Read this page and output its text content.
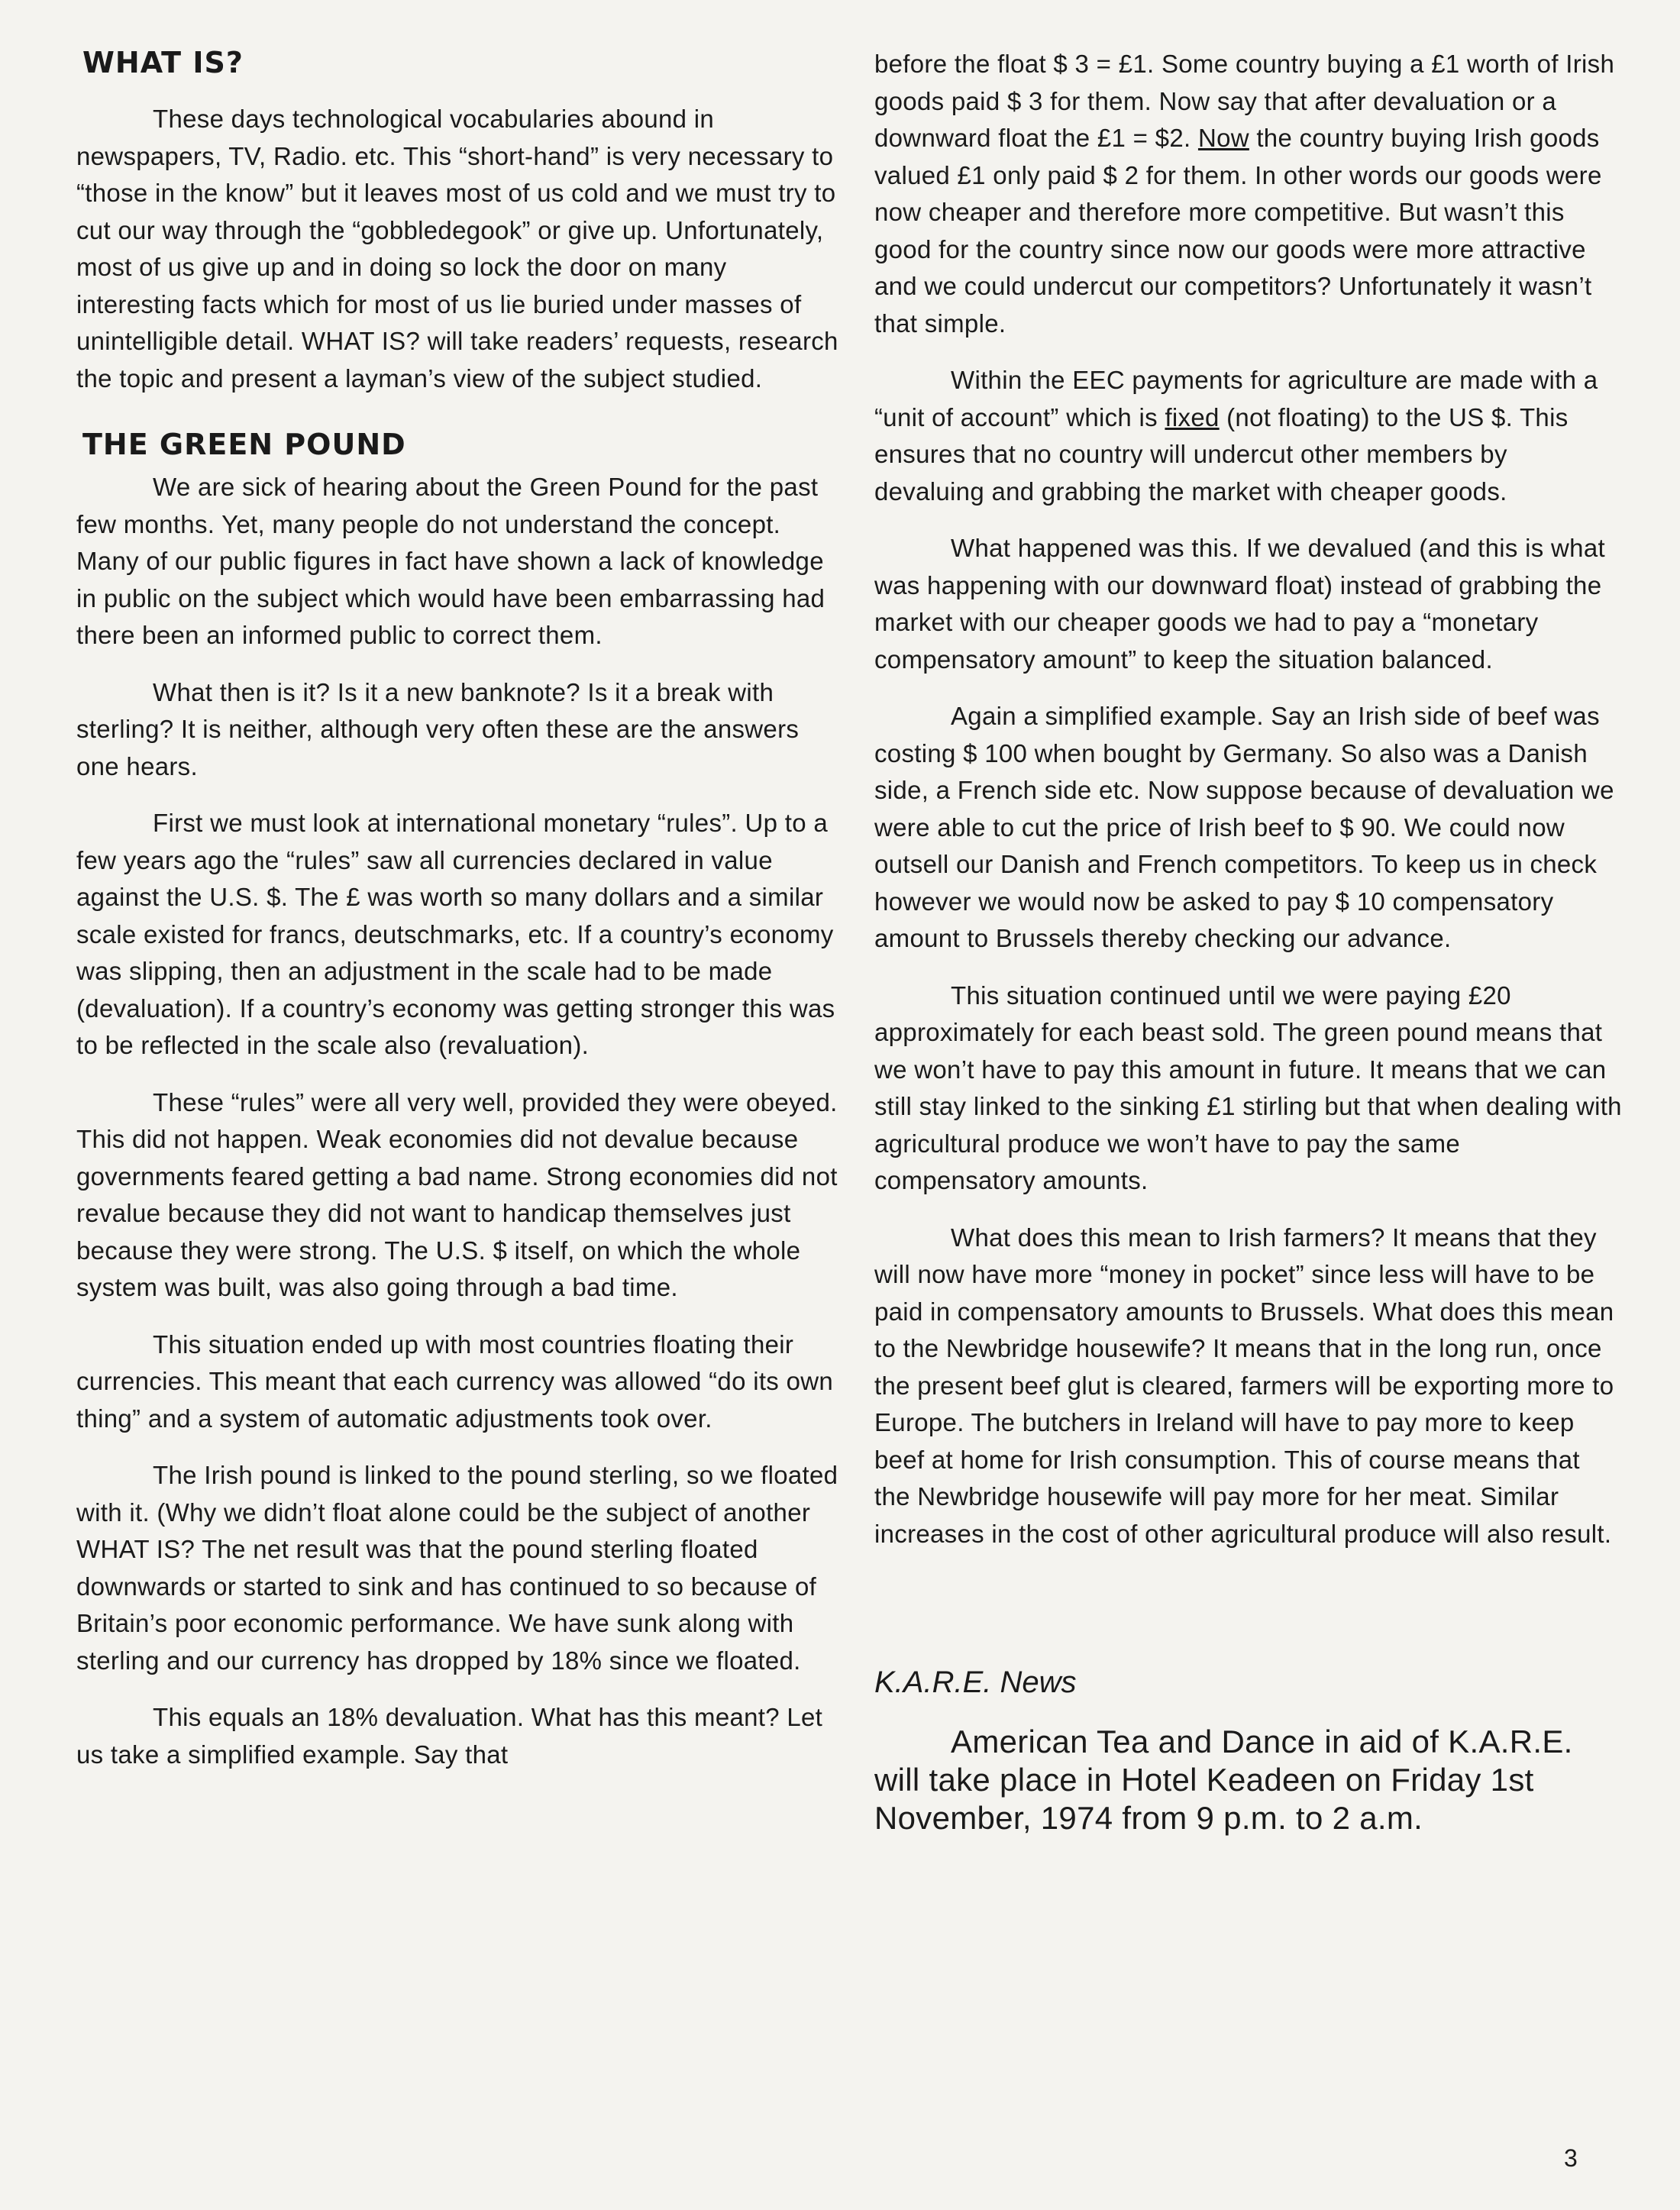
WHAT IS?

These days technological vocabularies abound in newspapers, TV, Radio. etc. This “short-hand” is very necessary to “those in the know” but it leaves most of us cold and we must try to cut our way through the “gobbledegook” or give up. Unfortunately, most of us give up and in doing so lock the door on many interesting facts which for most of us lie buried under masses of unintelligible detail. WHAT IS? will take readers’ requests, research the topic and present a layman’s view of the subject studied.

THE GREEN POUND

We are sick of hearing about the Green Pound for the past few months. Yet, many people do not understand the concept. Many of our public figures in fact have shown a lack of knowledge in public on the subject which would have been embarrassing had there been an informed public to correct them.

What then is it? Is it a new banknote? Is it a break with sterling? It is neither, although very often these are the answers one hears.

First we must look at international monetary “rules”. Up to a few years ago the “rules” saw all currencies declared in value against the U.S. $. The £ was worth so many dollars and a similar scale existed for francs, deutschmarks, etc. If a country’s economy was slipping, then an adjustment in the scale had to be made (devaluation). If a country’s economy was getting stronger this was to be reflected in the scale also (revaluation).

These “rules” were all very well, provided they were obeyed. This did not happen. Weak economies did not devalue because governments feared getting a bad name. Strong economies did not revalue because they did not want to handicap themselves just because they were strong. The U.S. $ itself, on which the whole system was built, was also going through a bad time.

This situation ended up with most countries floating their currencies. This meant that each currency was allowed “do its own thing” and a system of automatic adjustments took over.

The Irish pound is linked to the pound sterling, so we floated with it. (Why we didn’t float alone could be the subject of another WHAT IS? The net result was that the pound sterling floated downwards or started to sink and has continued to so because of Britain’s poor economic performance. We have sunk along with sterling and our currency has dropped by 18% since we floated.

This equals an 18% devaluation. What has this meant? Let us take a simplified example. Say that

before the float $ 3 = £1. Some country buying a £1 worth of Irish goods paid $ 3 for them. Now say that after devaluation or a downward float the £1 = $2. Now the country buying Irish goods valued £1 only paid $ 2 for them. In other words our goods were now cheaper and therefore more competitive. But wasn’t this good for the country since now our goods were more attractive and we could undercut our competitors? Unfortunately it wasn’t that simple.

Within the EEC payments for agriculture are made with a “unit of account” which is fixed (not floating) to the US $. This ensures that no country will undercut other members by devaluing and grabbing the market with cheaper goods.

What happened was this. If we devalued (and this is what was happening with our downward float) instead of grabbing the market with our cheaper goods we had to pay a “monetary compensatory amount” to keep the situation balanced.

Again a simplified example. Say an Irish side of beef was costing $ 100 when bought by Germany. So also was a Danish side, a French side etc. Now suppose because of devaluation we were able to cut the price of Irish beef to $ 90. We could now outsell our Danish and French competitors. To keep us in check however we would now be asked to pay $ 10 compensatory amount to Brussels thereby checking our advance.

This situation continued until we were paying £20 approximately for each beast sold. The green pound means that we won’t have to pay this amount in future. It means that we can still stay linked to the sinking £1 stirling but that when dealing with agricultural produce we won’t have to pay the same compensatory amounts.

What does this mean to Irish farmers? It means that they will now have more “money in pocket” since less will have to be paid in compensatory amounts to Brussels. What does this mean to the Newbridge housewife? It means that in the long run, once the present beef glut is cleared, farmers will be exporting more to Europe. The butchers in Ireland will have to pay more to keep beef at home for Irish consumption. This of course means that the Newbridge housewife will pay more for her meat. Similar increases in the cost of other agricultural produce will also result.

K.A.R.E. News

American Tea and Dance in aid of K.A.R.E. will take place in Hotel Keadeen on Friday 1st November, 1974 from 9 p.m. to 2 a.m.

3
